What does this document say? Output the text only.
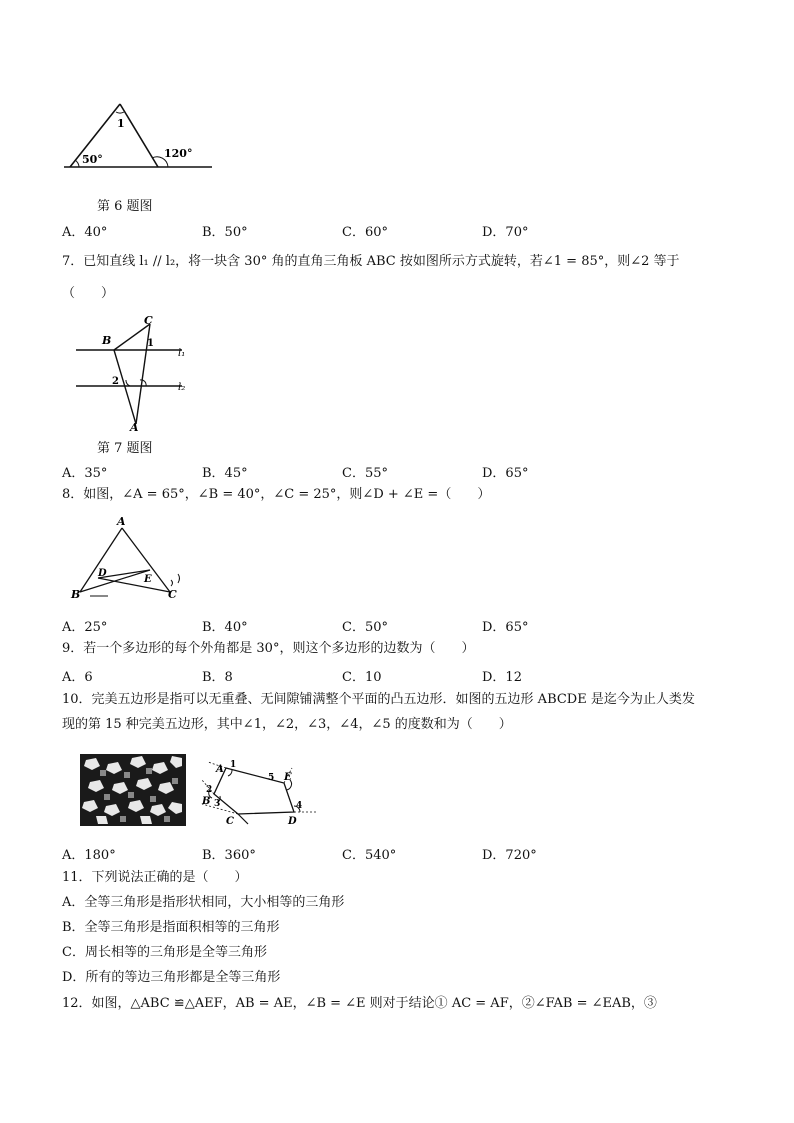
1
50°	120°
第 6 题图
A．40°	B．50°	C．60°	D．70°
7．已知直线 l₁ // l₂，将一块含 30° 角的直角三角板 ABC 按如图所示方式旋转，若∠1 = 85°，则∠2 等于
（　　）
B
C
1
2
l₁
l₂
A
第 7 题图
A．35°	B．45°	C．55°	D．65°
8．如图，∠A = 65°，∠B = 40°，∠C = 25°，则∠D + ∠E =（　　）
A
B	C
D
E
A．25°	B．40°	C．50°	D．65°
9．若一个多边形的每个外角都是 30°，则这个多边形的边数为（　　）
A．6	B．8	C．10	D．12
10．完美五边形是指可以无重叠、无间隙铺满整个平面的凸五边形．如图的五边形 ABCDE 是迄今为止人类发
现的第 15 种完美五边形，其中∠1，∠2，∠3，∠4，∠5 的度数和为（　　）
A 1
5 E
2
B 3	4
C	D
A．180°	B．360°	C．540°	D．720°
11．下列说法正确的是（　　）
A．全等三角形是指形状相同，大小相等的三角形
B．全等三角形是指面积相等的三角形
C．周长相等的三角形是全等三角形
D．所有的等边三角形都是全等三角形
12．如图，△ABC ≌△AEF，AB = AE，∠B = ∠E 则对于结论① AC = AF，②∠FAB = ∠EAB，③
